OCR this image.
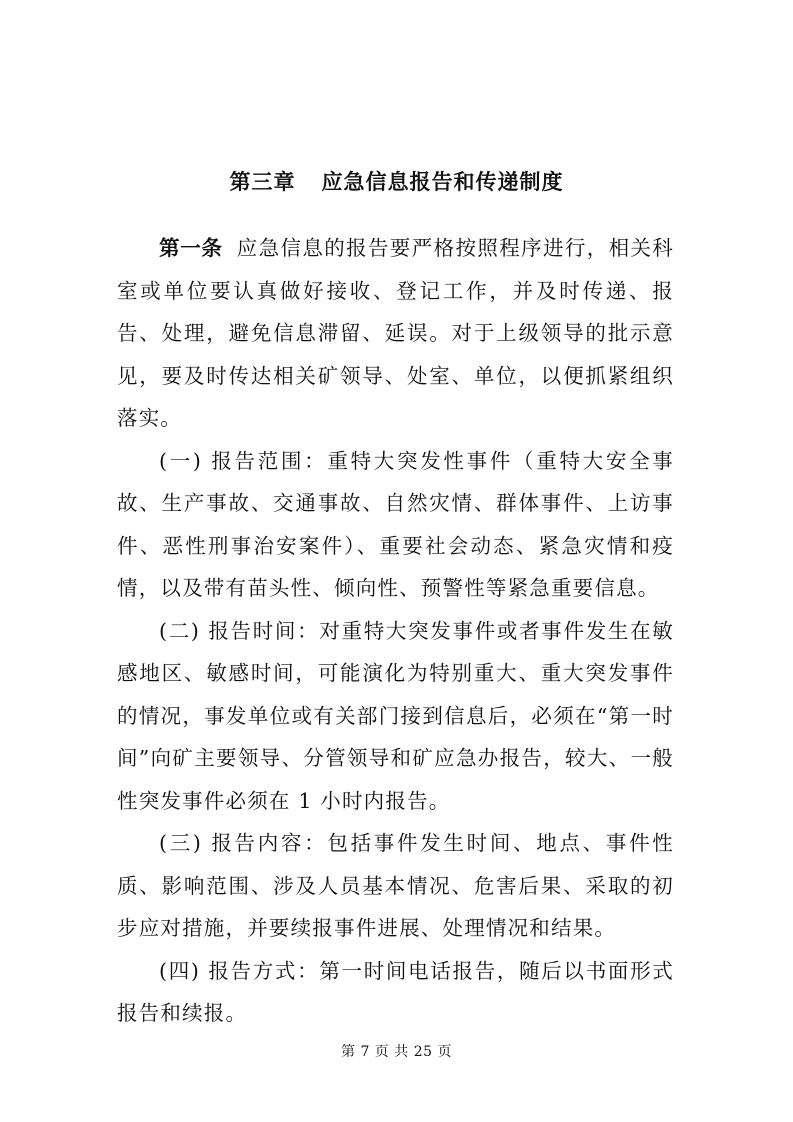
第三章 应急信息报告和传递制度

第一条 应急信息的报告要严格按照程序进行，相关科室或单位要认真做好接收、登记工作，并及时传递、报告、处理，避免信息滞留、延误。对于上级领导的批示意见，要及时传达相关矿领导、处室、单位，以便抓紧组织落实。

(一) 报告范围：重特大突发性事件（重特大安全事故、生产事故、交通事故、自然灾情、群体事件、上访事件、恶性刑事治安案件）、重要社会动态、紧急灾情和疫情，以及带有苗头性、倾向性、预警性等紧急重要信息。

(二) 报告时间：对重特大突发事件或者事件发生在敏感地区、敏感时间，可能演化为特别重大、重大突发事件的情况，事发单位或有关部门接到信息后，必须在“第一时间”向矿主要领导、分管领导和矿应急办报告，较大、一般性突发事件必须在 1 小时内报告。

(三) 报告内容：包括事件发生时间、地点、事件性质、影响范围、涉及人员基本情况、危害后果、采取的初步应对措施，并要续报事件进展、处理情况和结果。

(四) 报告方式：第一时间电话报告，随后以书面形式报告和续报。

第 7 页 共 25 页
